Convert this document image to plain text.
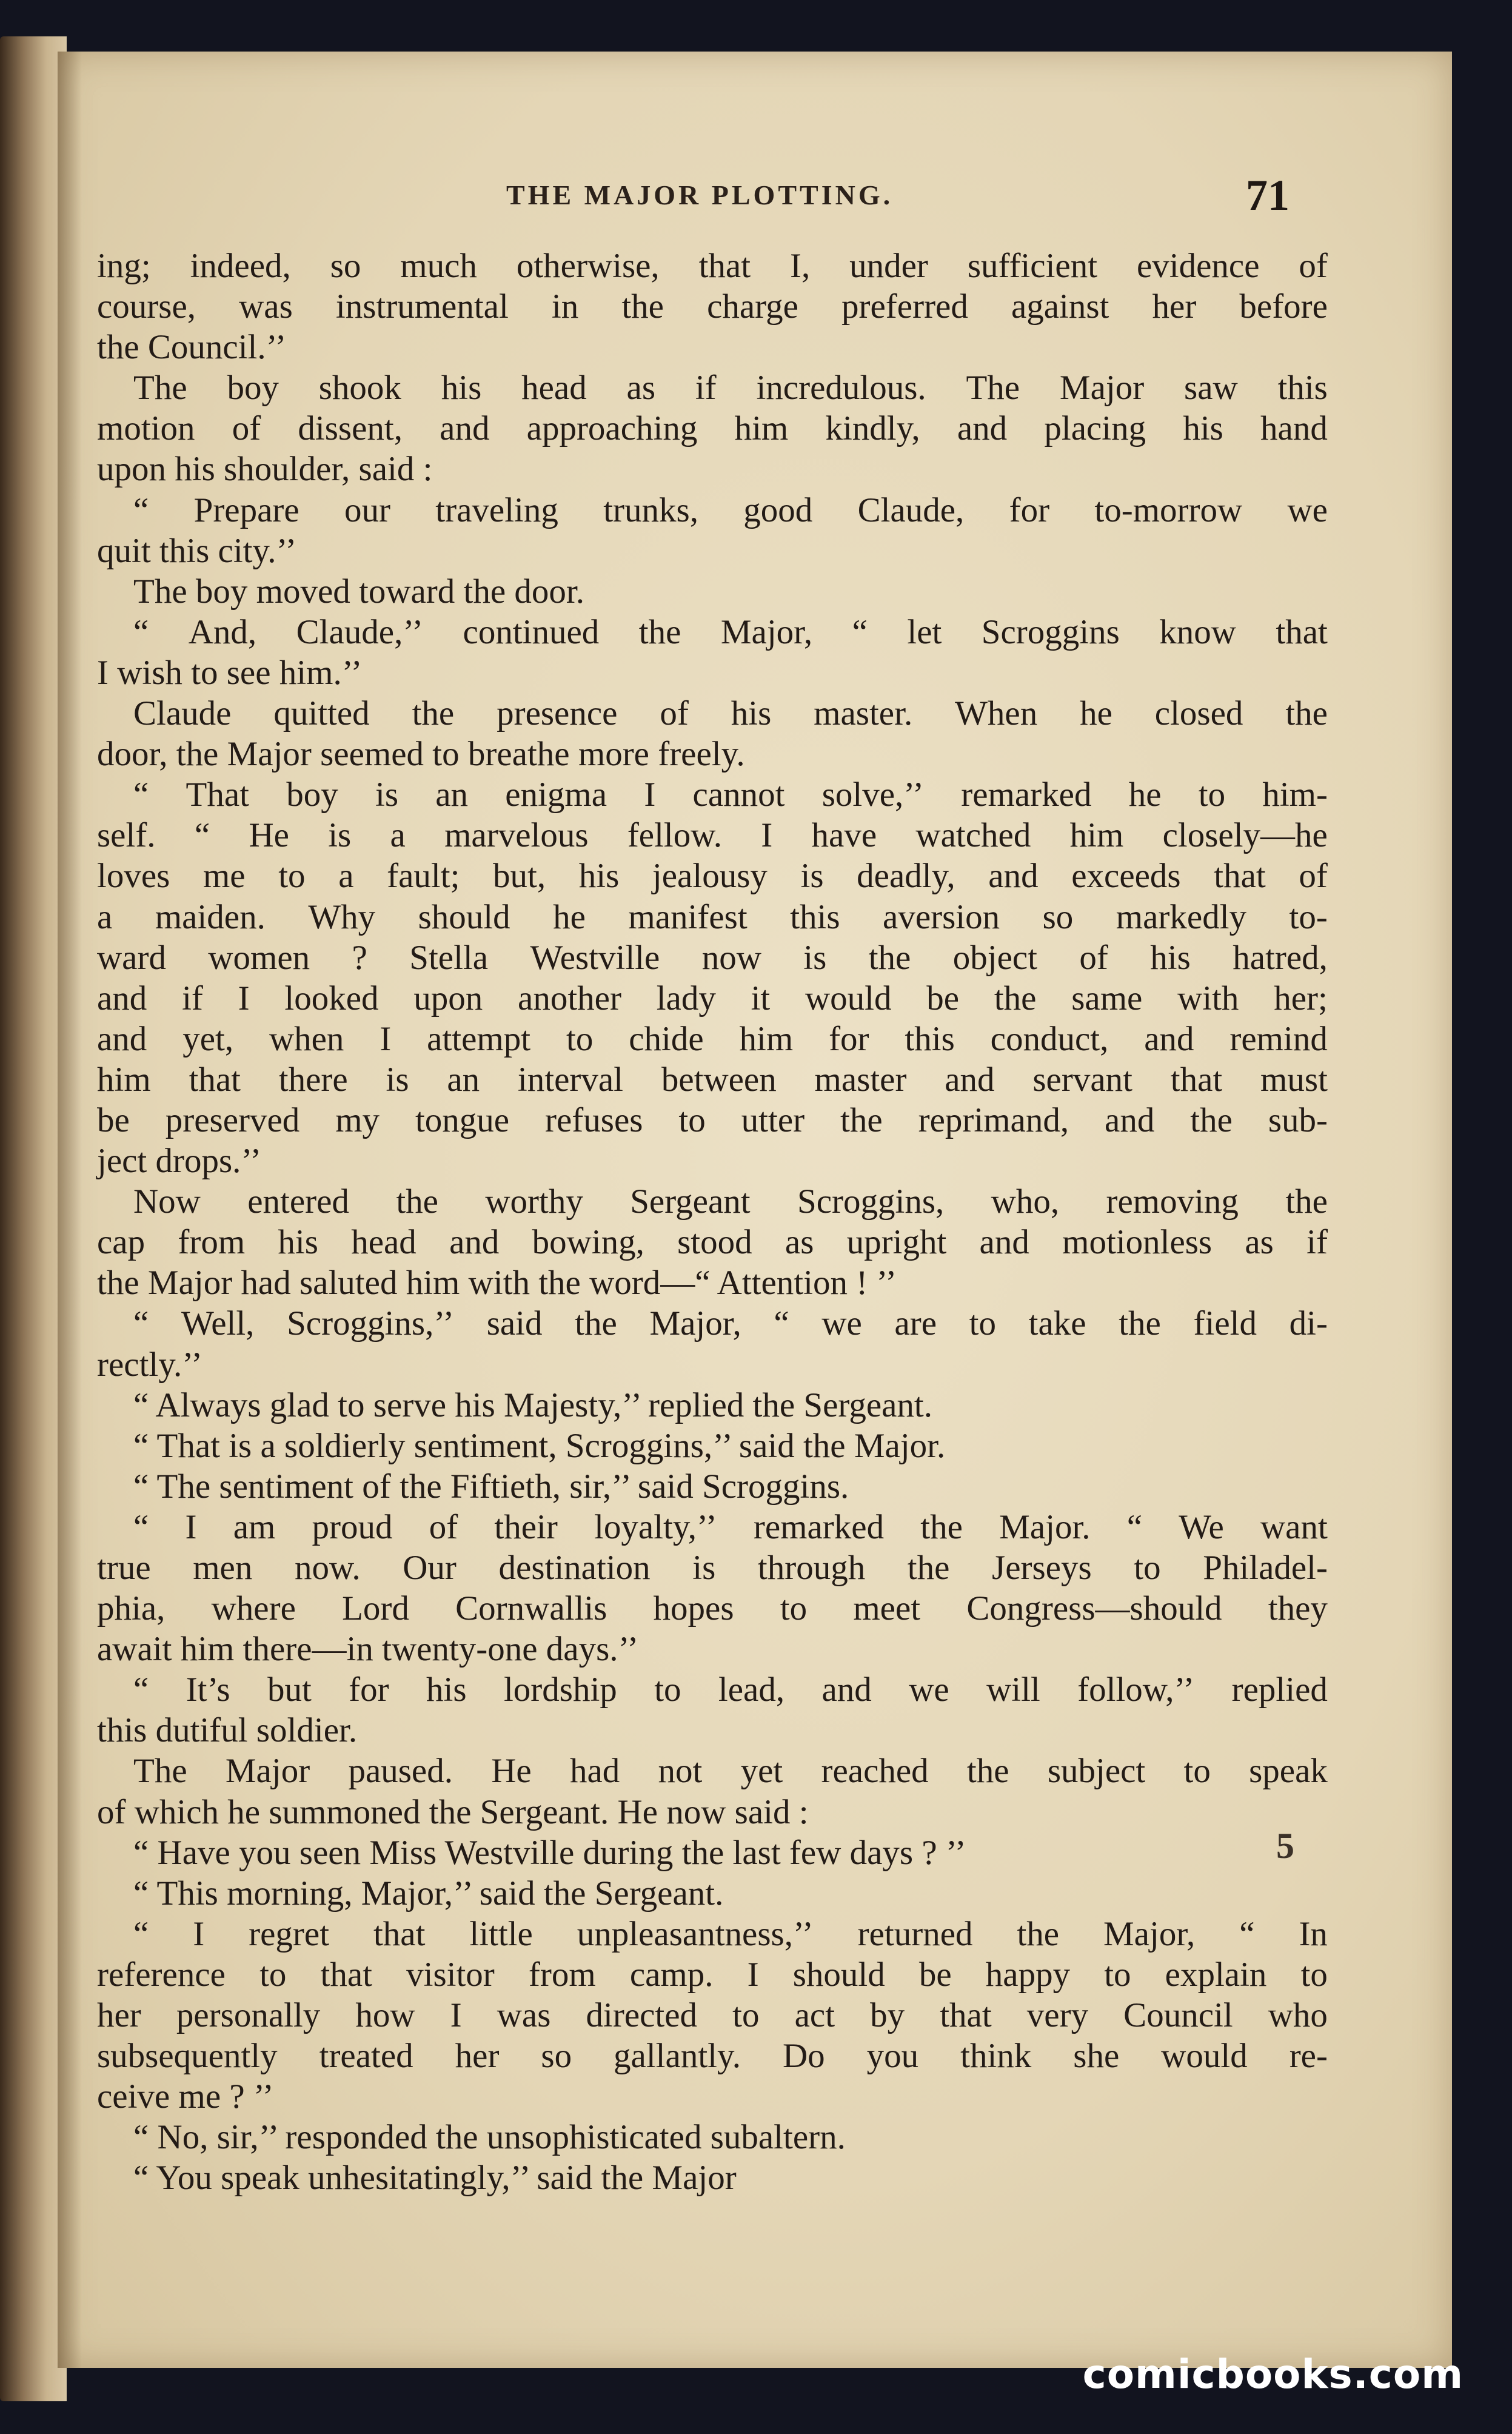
THE MAJOR PLOTTING.	71
ing; indeed, so much otherwise, that I, under sufficient evidence of
course, was instrumental in the charge preferred against her before
the Council.’’
The boy shook his head as if incredulous. The Major saw this
motion of dissent, and approaching him kindly, and placing his hand
upon his shoulder, said :
“ Prepare our traveling trunks, good Claude, for to-morrow we
quit this city.’’
The boy moved toward the door.
“ And, Claude,’’ continued the Major, “ let Scroggins know that
I wish to see him.’’
Claude quitted the presence of his master. When he closed the
door, the Major seemed to breathe more freely.
“ That boy is an enigma I cannot solve,’’ remarked he to him-
self. “ He is a marvelous fellow. I have watched him closely—he
loves me to a fault; but, his jealousy is deadly, and exceeds that of
a maiden. Why should he manifest this aversion so markedly to-
ward women ? Stella Westville now is the object of his hatred,
and if I looked upon another lady it would be the same with her;
and yet, when I attempt to chide him for this conduct, and remind
him that there is an interval between master and servant that must
be preserved my tongue refuses to utter the reprimand, and the sub-
ject drops.’’
Now entered the worthy Sergeant Scroggins, who, removing the
cap from his head and bowing, stood as upright and motionless as if
the Major had saluted him with the word—“ Attention ! ’’
“ Well, Scroggins,’’ said the Major, “ we are to take the field di-
rectly.’’
“ Always glad to serve his Majesty,’’ replied the Sergeant.
“ That is a soldierly sentiment, Scroggins,’’ said the Major.
“ The sentiment of the Fiftieth, sir,’’ said Scroggins.
“ I am proud of their loyalty,’’ remarked the Major. “ We want
true men now. Our destination is through the Jerseys to Philadel-
phia, where Lord Cornwallis hopes to meet Congress—should they
await him there—in twenty-one days.’’
“ It’s but for his lordship to lead, and we will follow,’’ replied
this dutiful soldier.
The Major paused. He had not yet reached the subject to speak
of which he summoned the Sergeant. He now said :
“ Have you seen Miss Westville during the last few days ? ’’
“ This morning, Major,’’ said the Sergeant.
“ I regret that little unpleasantness,’’ returned the Major, “ In
reference to that visitor from camp. I should be happy to explain to
her personally how I was directed to act by that very Council who
subsequently treated her so gallantly. Do you think she would re-
ceive me ? ’’
“ No, sir,’’ responded the unsophisticated subaltern.
“ You speak unhesitatingly,’’ said the Major
5
comicbooks.com
